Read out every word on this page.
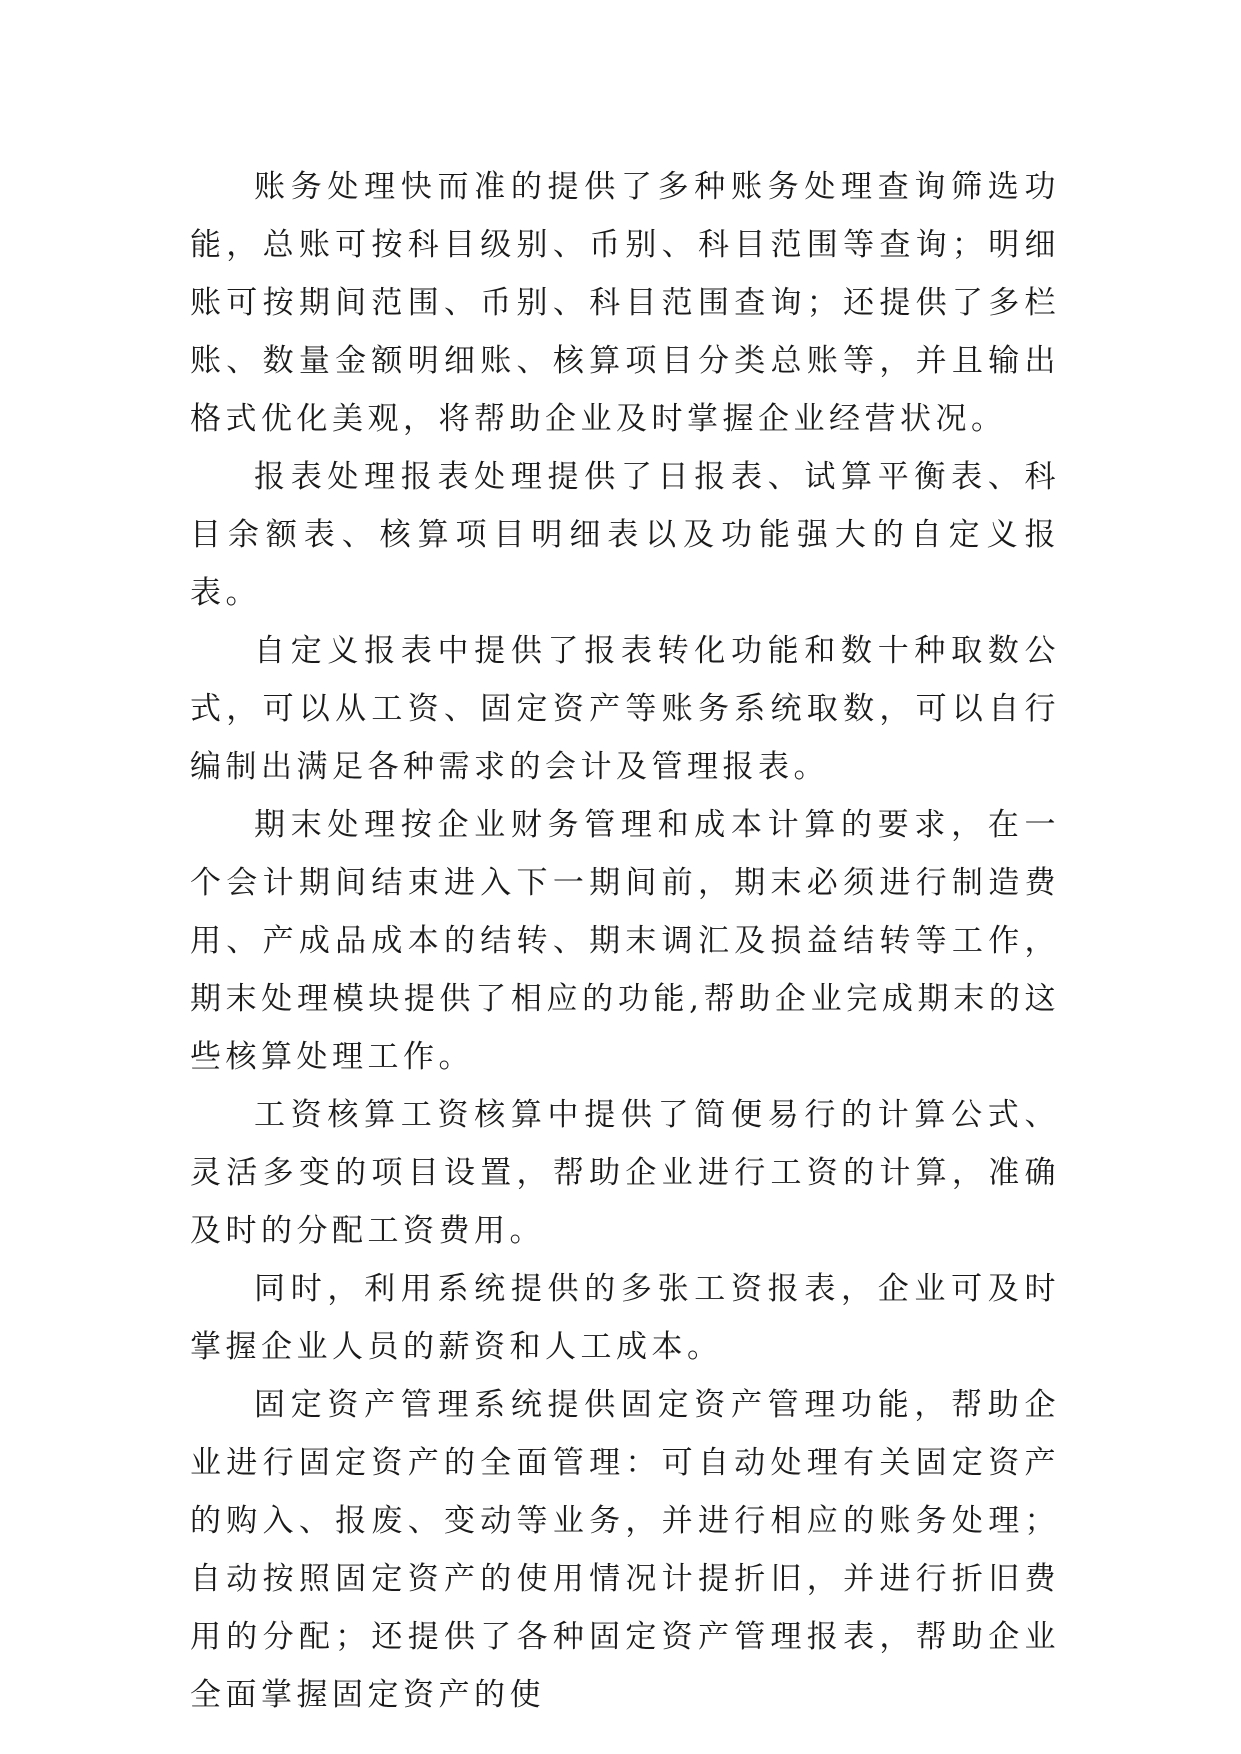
账务处理快而准的提供了多种账务处理查询筛选功能，总账可按科目级别、币别、科目范围等查询；明细账可按期间范围、币别、科目范围查询；还提供了多栏账、数量金额明细账、核算项目分类总账等，并且输出格式优化美观，将帮助企业及时掌握企业经营状况。

报表处理报表处理提供了日报表、试算平衡表、科目余额表、核算项目明细表以及功能强大的自定义报表。

自定义报表中提供了报表转化功能和数十种取数公式，可以从工资、固定资产等账务系统取数，可以自行编制出满足各种需求的会计及管理报表。

期末处理按企业财务管理和成本计算的要求，在一个会计期间结束进入下一期间前，期末必须进行制造费用、产成品成本的结转、期末调汇及损益结转等工作，期末处理模块提供了相应的功能,帮助企业完成期末的这些核算处理工作。

工资核算工资核算中提供了简便易行的计算公式、灵活多变的项目设置，帮助企业进行工资的计算，准确及时的分配工资费用。

同时，利用系统提供的多张工资报表，企业可及时掌握企业人员的薪资和人工成本。

固定资产管理系统提供固定资产管理功能，帮助企业进行固定资产的全面管理：可自动处理有关固定资产的购入、报废、变动等业务，并进行相应的账务处理；自动按照固定资产的使用情况计提折旧，并进行折旧费用的分配；还提供了各种固定资产管理报表，帮助企业全面掌握固定资产的使
